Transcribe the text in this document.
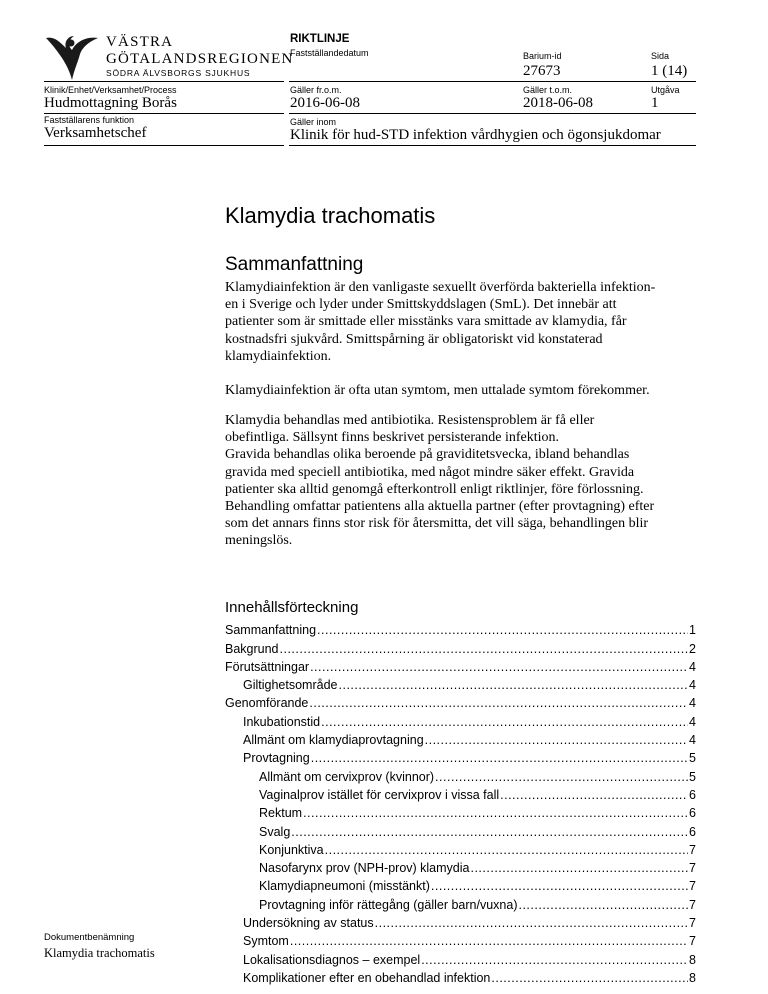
VÄSTRA
GÖTALANDSREGIONEN
SÖDRA ÄLVSBORGS SJUKHUS
RIKTLINJE
Fastställandedatum	Barium-id
27673
Sida
1 (14)
Klinik/Enhet/Verksamhet/Process
Hudmottagning Borås
Gäller fr.o.m.
2016-06-08
Gäller t.o.m.
2018-06-08
Utgåva
1
Fastställarens funktion
Verksamhetschef
Gäller inom
Klinik för hud-STD infektion vårdhygien och ögonsjukdomar
Klamydia trachomatis
Sammanfattning
Klamydiainfektion är den vanligaste sexuellt överförda bakteriella infektion-
en i Sverige och lyder under Smittskyddslagen (SmL). Det innebär att
patienter som är smittade eller misstänks vara smittade av klamydia, får
kostnadsfri sjukvård. Smittspårning är obligatoriskt vid konstaterad
klamydiainfektion.
Klamydiainfektion är ofta utan symtom, men uttalade symtom förekommer.
Klamydia behandlas med antibiotika. Resistensproblem är få eller
obefintliga. Sällsynt finns beskrivet persisterande infektion.
Gravida behandlas olika beroende på graviditetsvecka, ibland behandlas
gravida med speciell antibiotika, med något mindre säker effekt. Gravida
patienter ska alltid genomgå efterkontroll enligt riktlinjer, före förlossning.
Behandling omfattar patientens alla aktuella partner (efter provtagning) efter
som det annars finns stor risk för återsmitta, det vill säga, behandlingen blir
meningslös.
Innehållsförteckning
Sammanfattning .....	1
Bakgrund .....	2
Förutsättningar .....	4
Giltighetsområde .....	4
Genomförande .....	4
Inkubationstid .....	4
Allmänt om klamydiaprovtagning .....	4
Provtagning .....	5
Allmänt om cervixprov (kvinnor) .....	5
Vaginalprov istället för cervixprov i vissa fall .....	6
Rektum .....	6
Svalg .....	6
Konjunktiva .....	7
Nasofarynx prov (NPH-prov) klamydia .....	7
Klamydiapneumoni (misstänkt) .....	7
Provtagning inför rättegång (gäller barn/vuxna) .....	7
Undersökning av status .....	7
Symtom .....	7
Lokalisationsdiagnos – exempel .....	8
Komplikationer efter en obehandlad infektion .....	8
Dokumentbenämning
Klamydia trachomatis
